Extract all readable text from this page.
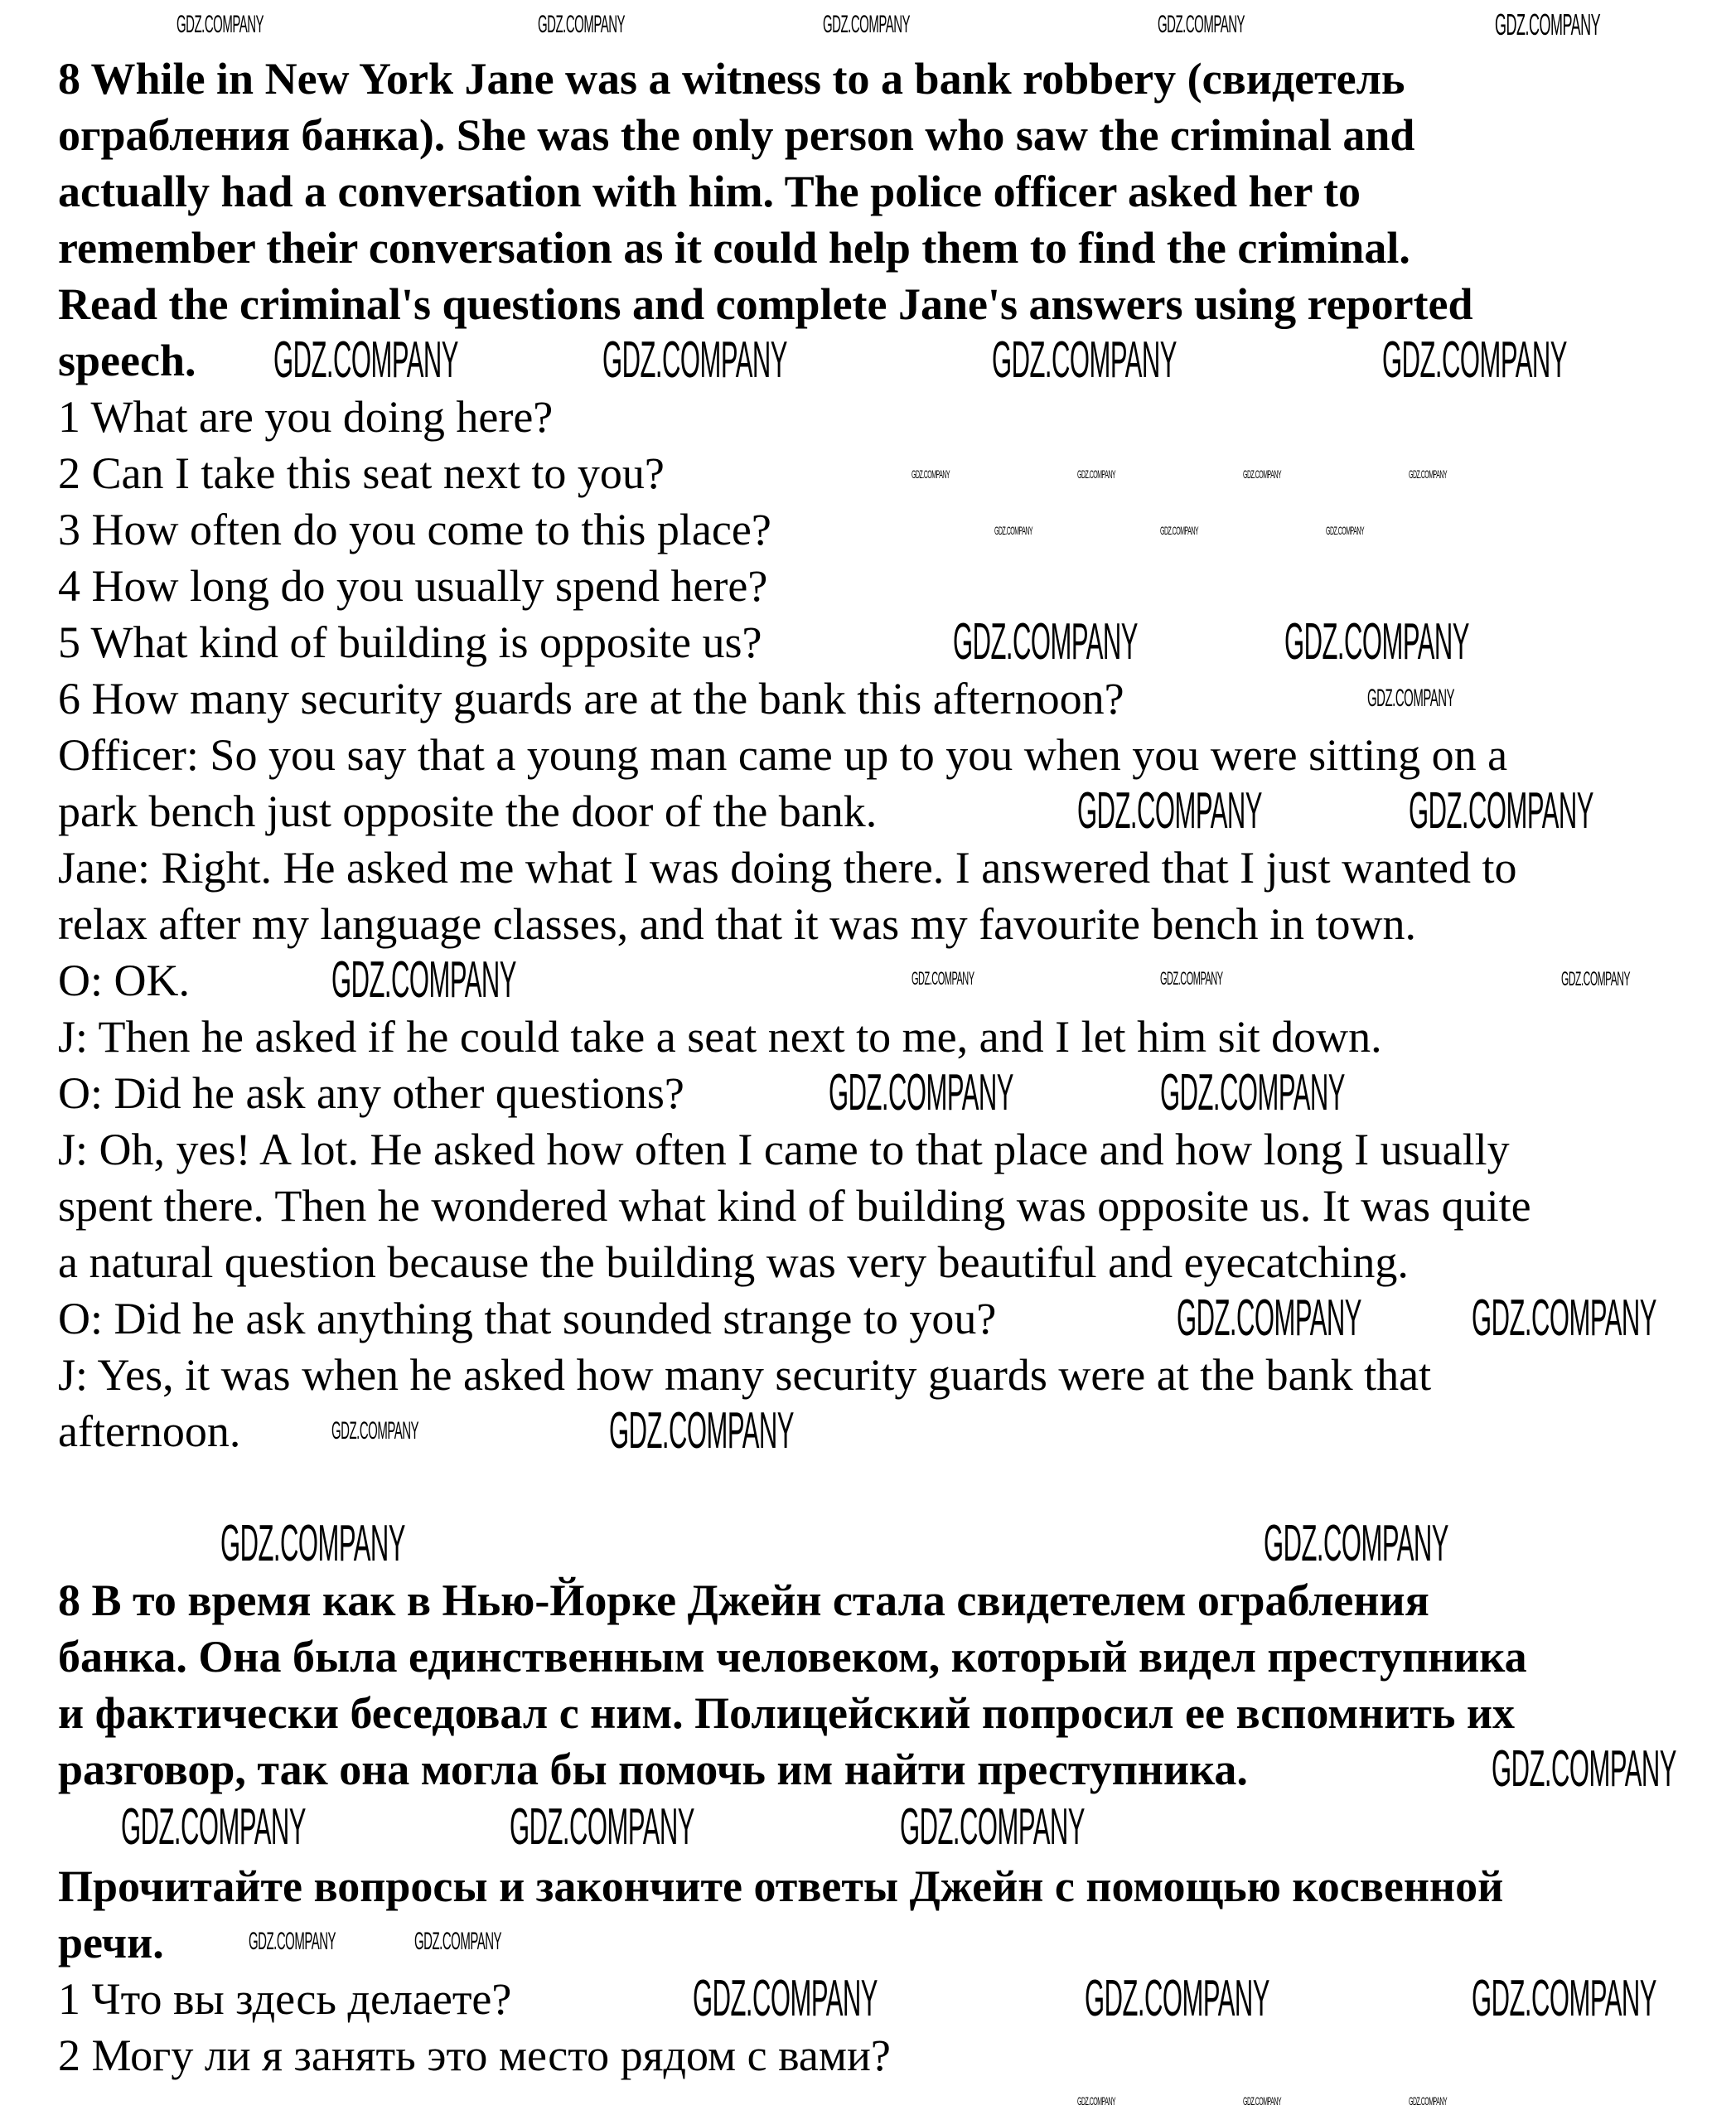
8 While in New York Jane was a witness to a bank robbery (свидетель
ограбления банка). She was the only person who saw the criminal and
actually had a conversation with him. The police officer asked her to
remember their conversation as it could help them to find the criminal.
Read the criminal's questions and complete Jane's answers using reported
speech.
1 What are you doing here?
2 Can I take this seat next to you?
3 How often do you come to this place?
4 How long do you usually spend here?
5 What kind of building is opposite us?
6 How many security guards are at the bank this afternoon?
Officer: So you say that a young man came up to you when you were sitting on a
park bench just opposite the door of the bank.
Jane: Right. He asked me what I was doing there. I answered that I just wanted to
relax after my language classes, and that it was my favourite bench in town.
O: OK.
J: Then he asked if he could take a seat next to me, and I let him sit down.
O: Did he ask any other questions?
J: Oh, yes! A lot. He asked how often I came to that place and how long I usually
spent there. Then he wondered what kind of building was opposite us. It was quite
a natural question because the building was very beautiful and eyecatching.
O: Did he ask anything that sounded strange to you?
J: Yes, it was when he asked how many security guards were at the bank that
afternoon.
8 В то время как в Нью-Йорке Джейн стала свидетелем ограбления
банка. Она была единственным человеком, который видел преступника
и фактически беседовал с ним. Полицейский попросил ее вспомнить их
разговор, так она могла бы помочь им найти преступника.
Прочитайте вопросы и закончите ответы Джейн с помощью косвенной
речи.
1 Что вы здесь делаете?
2 Могу ли я занять это место рядом с вами?
GDZ.COMPANY	GDZ.COMPANY	GDZ.COMPANY	GDZ.COMPANY
GDZ.COMPANY	GDZ.COMPANY
GDZ.COMPANY	GDZ.COMPANY
GDZ.COMPANY
GDZ.COMPANY	GDZ.COMPANY
GDZ.COMPANY
GDZ.COMPANY
GDZ.COMPANY
GDZ.COMPANY	GDZ.COMPANY
GDZ.COMPANY
GDZ.COMPANY	GDZ.COMPANY	GDZ.COMPANY
GDZ.COMPANY
GDZ.COMPANY	GDZ.COMPANY
GDZ.COMPANY	GDZ.COMPANY	GDZ.COMPANY	GDZ.COMPANY	GDZ.COMPANY
GDZ.COMPANY
GDZ.COMPANY
GDZ.COMPANY
GDZ.COMPANY	GDZ.COMPANY
GDZ.COMPANY	GDZ.COMPANY
GDZ.COMPANY	GDZ.COMPANY	GDZ.COMPANY	GDZ.COMPANY
GDZ.COMPANY	GDZ.COMPANY	GDZ.COMPANY
GDZ.COMPANY	GDZ.COMPANY	GDZ.COMPANY
